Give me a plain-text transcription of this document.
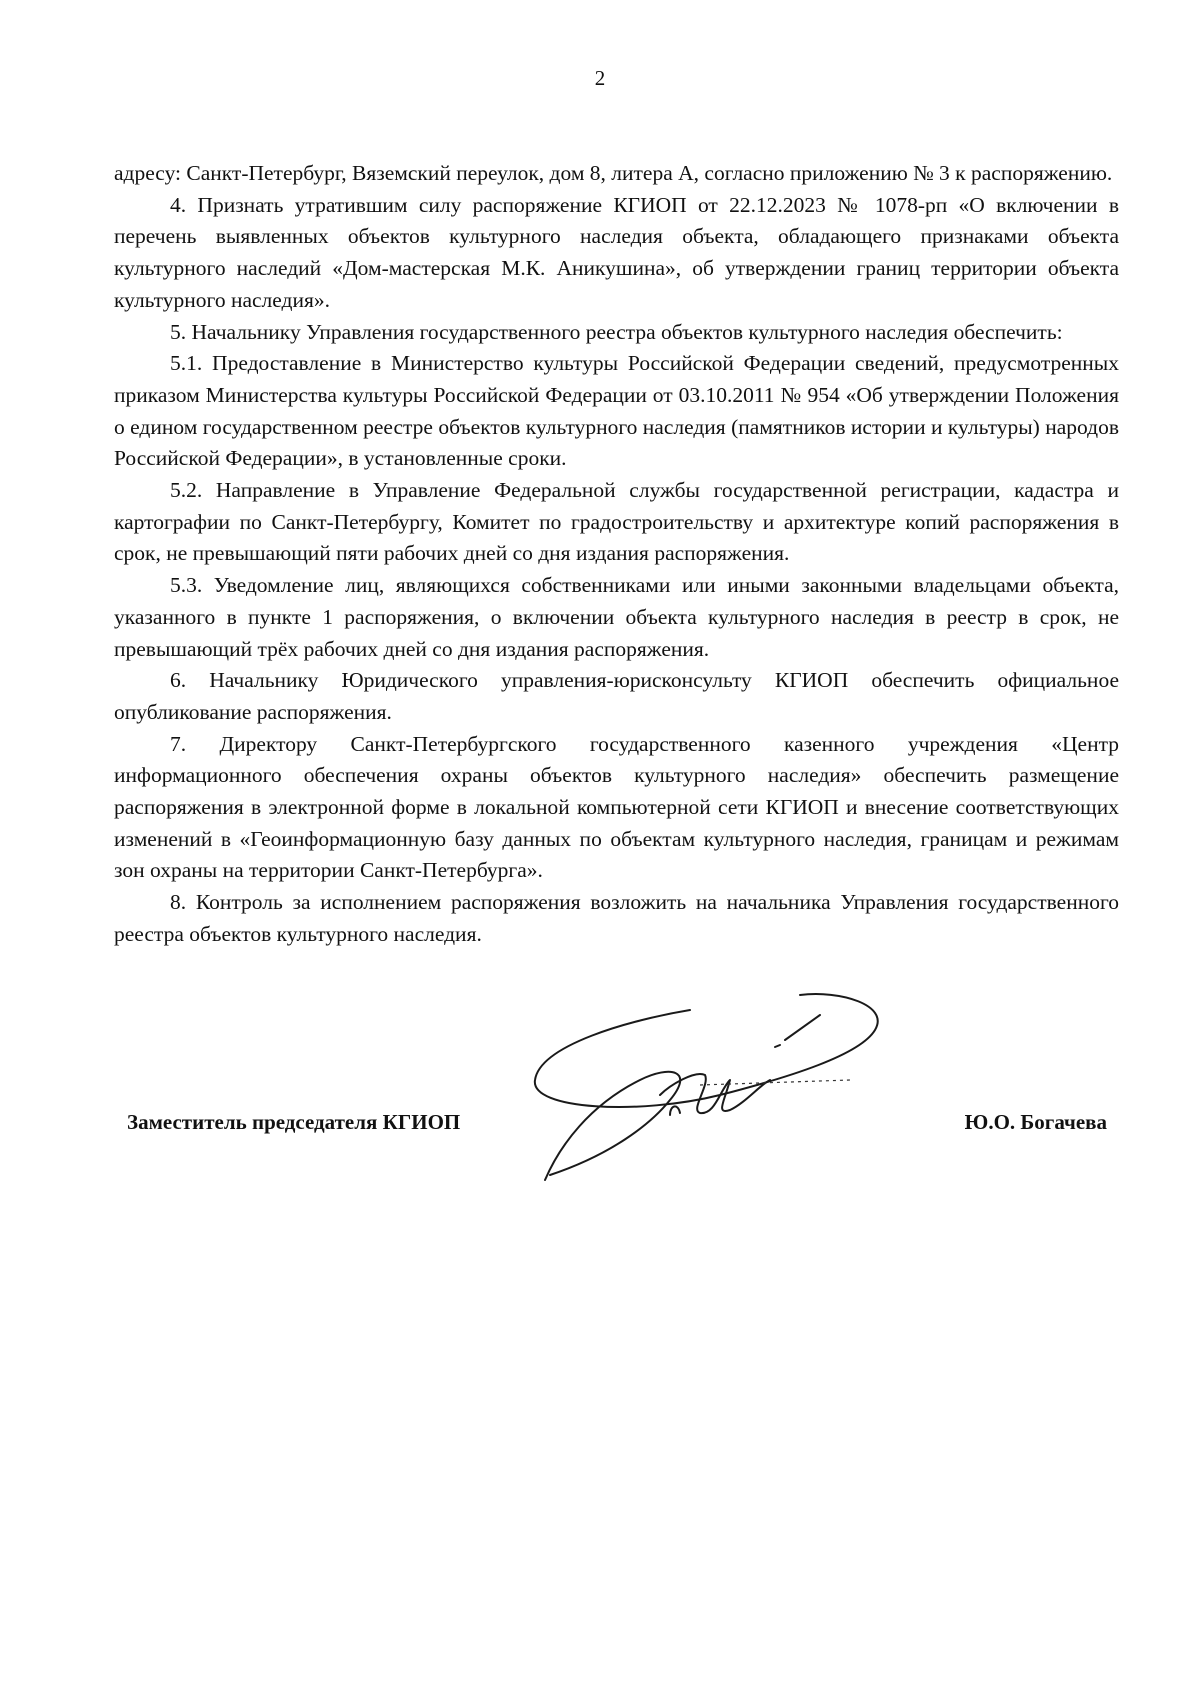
2

адресу: Санкт-Петербург, Вяземский переулок, дом 8, литера А, согласно приложению № 3 к распоряжению.

4. Признать утратившим силу распоряжение КГИОП от 22.12.2023 № 1078-рп «О включении в перечень выявленных объектов культурного наследия объекта, обладающего признаками объекта культурного наследий «Дом-мастерская М.К. Аникушина», об утверждении границ территории объекта культурного наследия».

5. Начальнику Управления государственного реестра объектов культурного наследия обеспечить:

5.1. Предоставление в Министерство культуры Российской Федерации сведений, предусмотренных приказом Министерства культуры Российской Федерации от 03.10.2011 № 954 «Об утверждении Положения о едином государственном реестре объектов культурного наследия (памятников истории и культуры) народов Российской Федерации», в установленные сроки.

5.2. Направление в Управление Федеральной службы государственной регистрации, кадастра и картографии по Санкт-Петербургу, Комитет по градостроительству и архитектуре копий распоряжения в срок, не превышающий пяти рабочих дней со дня издания распоряжения.

5.3. Уведомление лиц, являющихся собственниками или иными законными владельцами объекта, указанного в пункте 1 распоряжения, о включении объекта культурного наследия в реестр в срок, не превышающий трёх рабочих дней со дня издания распоряжения.

6. Начальнику Юридического управления-юрисконсульту КГИОП обеспечить официальное опубликование распоряжения.

7. Директору Санкт-Петербургского государственного казенного учреждения «Центр информационного обеспечения охраны объектов культурного наследия» обеспечить размещение распоряжения в электронной форме в локальной компьютерной сети КГИОП и внесение соответствующих изменений в «Геоинформационную базу данных по объектам культурного наследия, границам и режимам зон охраны на территории Санкт-Петербурга».

8. Контроль за исполнением распоряжения возложить на начальника Управления государственного реестра объектов культурного наследия.

Заместитель председателя КГИОП	Ю.О. Богачева
